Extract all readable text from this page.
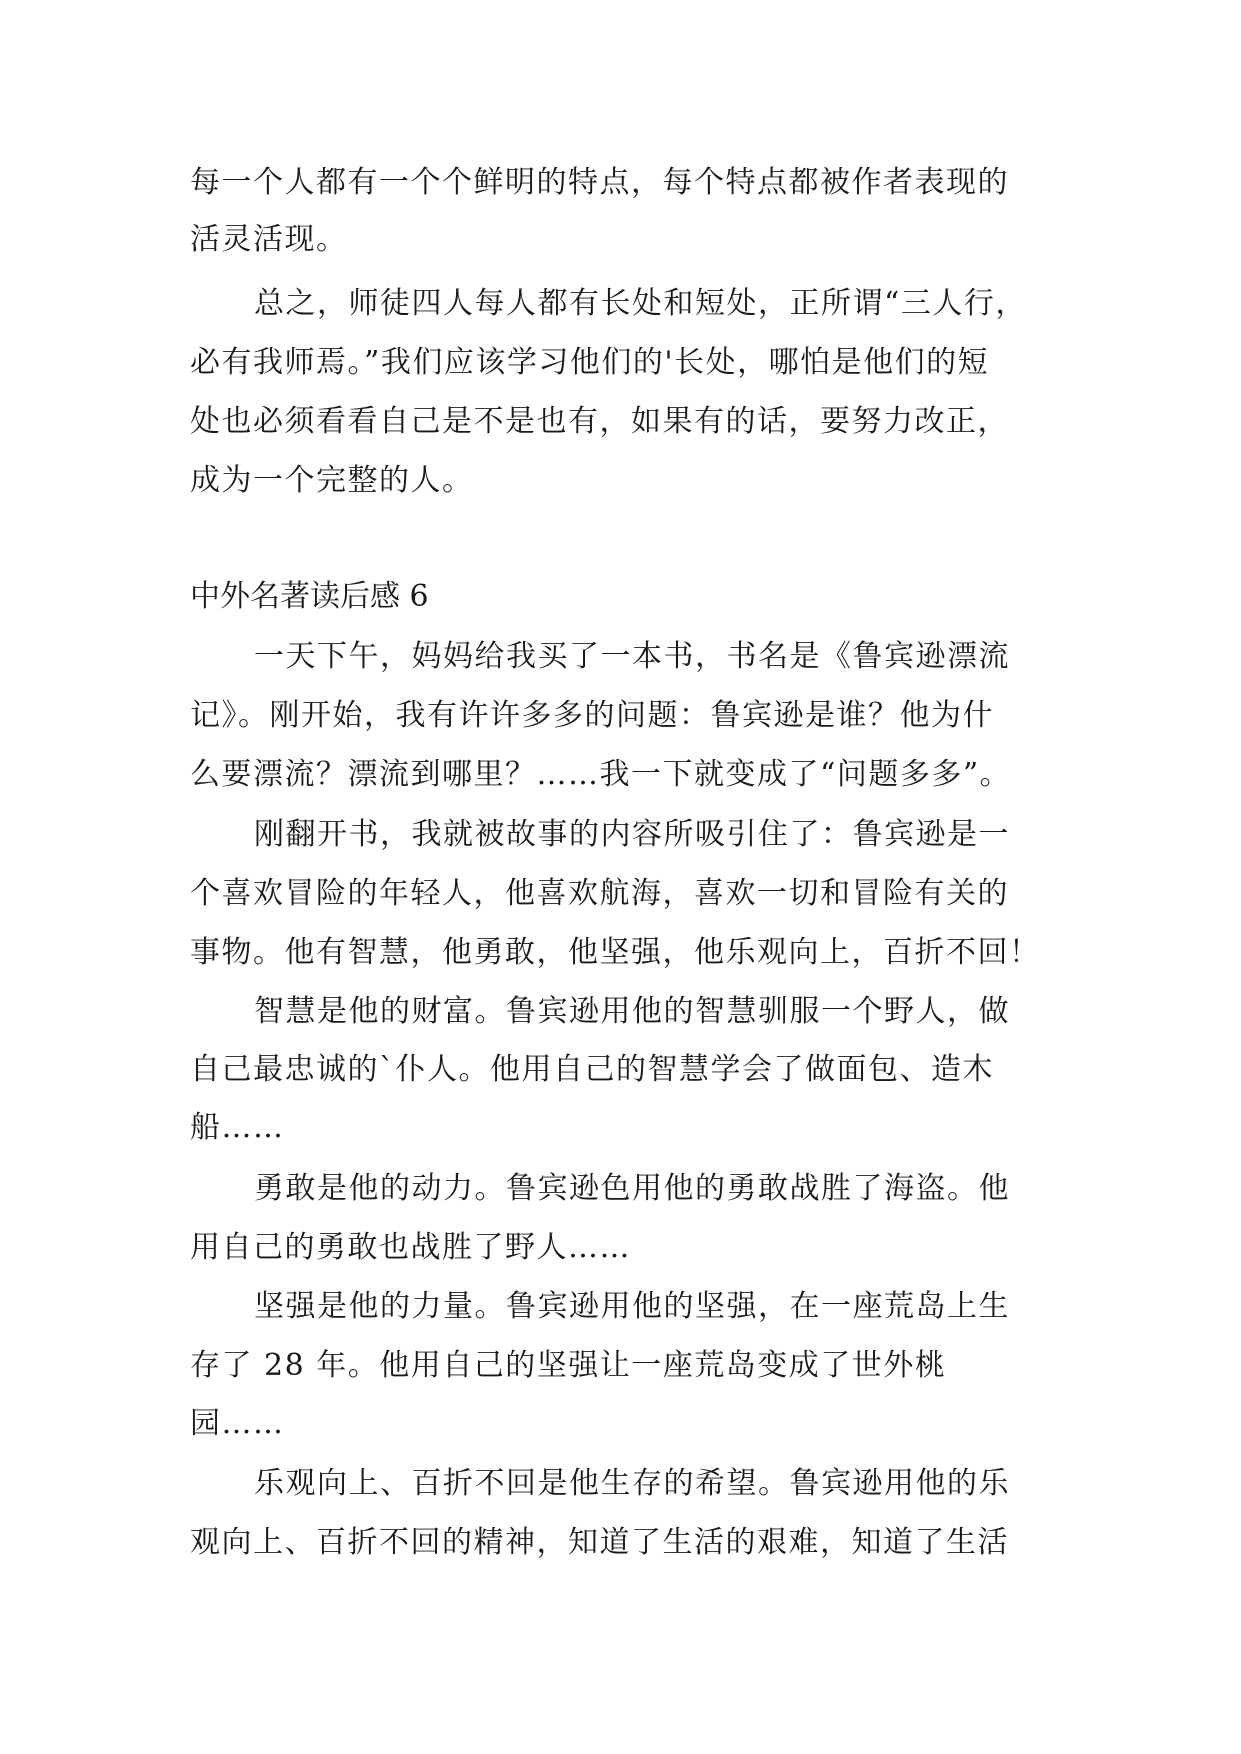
每一个人都有一个个鲜明的特点，每个特点都被作者表现的
活灵活现。
总之，师徒四人每人都有长处和短处，正所谓“三人行，
必有我师焉。”我们应该学习他们的'长处，哪怕是他们的短
处也必须看看自己是不是也有，如果有的话，要努力改正，
成为一个完整的人。
中外名著读后感 6
一天下午，妈妈给我买了一本书，书名是《鲁宾逊漂流
记》。刚开始，我有许许多多的问题：鲁宾逊是谁？他为什
么要漂流？漂流到哪里？……我一下就变成了“问题多多”。
刚翻开书，我就被故事的内容所吸引住了：鲁宾逊是一
个喜欢冒险的年轻人，他喜欢航海，喜欢一切和冒险有关的
事物。他有智慧，他勇敢，他坚强，他乐观向上，百折不回！
智慧是他的财富。鲁宾逊用他的智慧驯服一个野人，做
自己最忠诚的`仆人。他用自己的智慧学会了做面包、造木
船……
勇敢是他的动力。鲁宾逊色用他的勇敢战胜了海盗。他
用自己的勇敢也战胜了野人……
坚强是他的力量。鲁宾逊用他的坚强，在一座荒岛上生
存了 28 年。他用自己的坚强让一座荒岛变成了世外桃
园……
乐观向上、百折不回是他生存的希望。鲁宾逊用他的乐
观向上、百折不回的精神，知道了生活的艰难，知道了生活
